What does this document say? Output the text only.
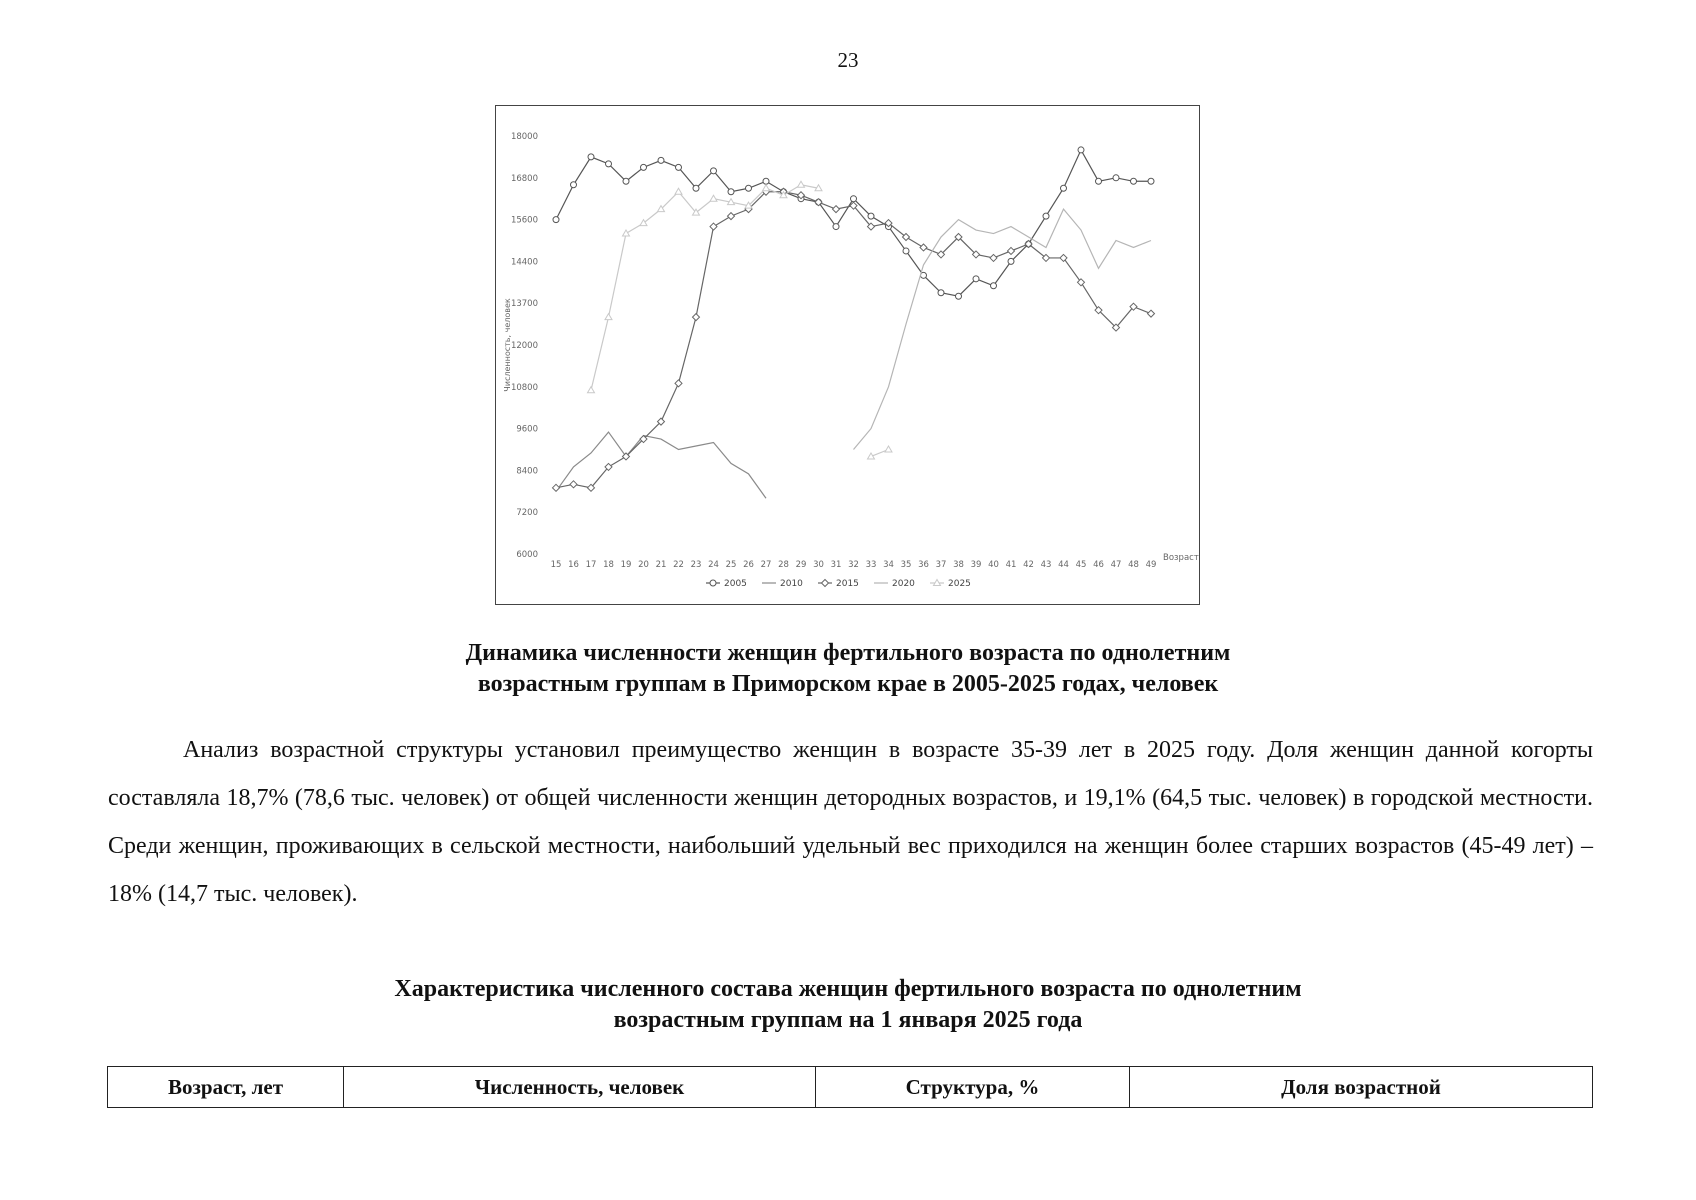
23
6000
7200
8400
9600
10800
12000
13700
14400
15600
16800
18000
Численность, человек
15 16 17 18 19 20 21 22 23 24 25 26 27 28 29 30 31 32 33 34 35 36 37 38 39 40 41 42 43 44 45 46 47 48 49
Возраст
2005	2010	2015	2020	2025
Динамика численности женщин фертильного возраста по однолетним
возрастным группам в Приморском крае в 2005-2025 годах, человек
Анализ возрастной структуры установил преимущество женщин в возрасте 35-39 лет в 2025 году. Доля женщин данной когорты составляла 18,7% (78,6 тыс. человек) от общей численности женщин детородных возрастов, и 19,1% (64,5 тыс. человек) в городской местности. Среди женщин, проживающих в сельской местности, наибольший удельный вес приходился на женщин более старших возрастов (45-49 лет) – 18% (14,7 тыс. человек).
Характеристика численного состава женщин фертильного возраста по однолетним
возрастным группам на 1 января 2025 года
Возраст, лет	Численность, человек	Структура, %	Доля возрастной
